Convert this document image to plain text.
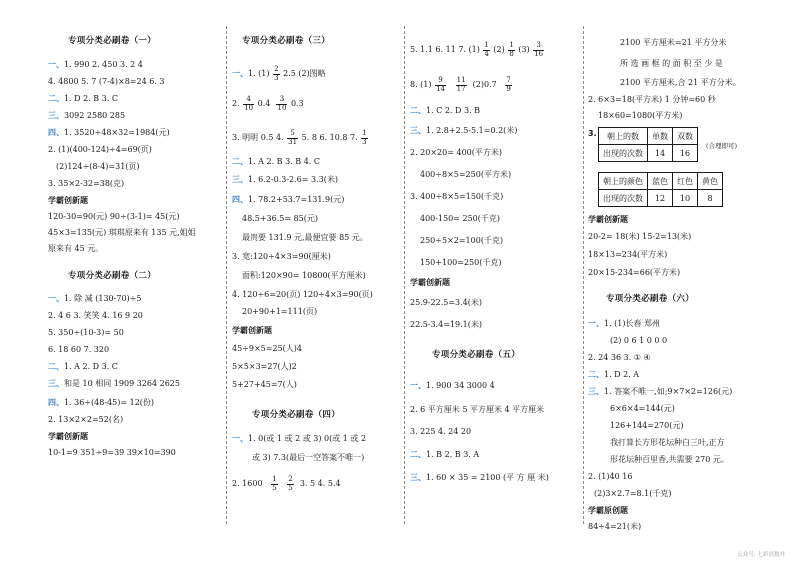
专项分类必刷卷（一）
一、1. 990 2. 450 3. 2 4
4. 4800 5. 7 (7-4)×8=24 6. 3
二、1. D 2. B 3. C
三、3092 2580 285
四、1. 3520÷48×32=1984(元)
2. (1)(400-124)÷4=69(页)
(2)124÷(8-4)=31(页)
3. 35×2-32=38(克)
学霸创新题
120-30=90(元) 90÷(3-1)= 45(元)
45×3=135(元) 琪琪原来有 135 元,姐姐
原来有 45 元。
专项分类必刷卷（二）
一、1. 除 减 (130-70)÷5
2. 4 6 3. 笑笑 4. 16 9 20
5. 350÷(10-3)= 50
6. 18 60 7. 320
二、1. A 2. D 3. C
三、和是 10 相同 1909 3264 2625
四、1. 36÷(48-45)= 12(份)
2. 13×2×2=52(名)
学霸创新题
10-1=9 351÷9=39 39×10=390
专项分类必刷卷（三）
一、1. $(1) \frac{2}{3} 2.5$ (2)图略
2. $\frac{4}{10} 0.4 \frac{3}{10} 0.3$
3. 明明 0.5 4. $\frac{5}{31} 5$. 8 6. 10.8 7. $\frac{1}{3}$
二、1. A 2. B 3. B 4. C
三、1. 6.2-0.3-2.6= 3.3(米)
四、1. 78.2+53.7=131.9(元)
48.5+36.5= 85(元)
最贵要 131.9 元,最便宜要 85 元。
3. 宽:120÷4×3=90(厘米)
面积:120×90= 10800(平方厘米)
4. 120÷6=20(页) 120÷4×3=90(页)
20+90+1=111(页)
学霸创新题
45÷9×5=25(人)4
5×5×3=27(人)2
5+27+45=7(人)
专项分类必刷卷（四）
一、1. 0(或 1 或 2 或 3) 0(或 1 或 2
或 3) 7.3(最后一空答案不唯一)
2. $1600 \frac{1}{5}$
$\frac{2}{5} 3$. 5 4. 5.4
5. 1.1 6. 11 7. $(1) \frac{1}{4} (2) \frac{1}{8} (3) \frac{3}{16}$
8. $(1) \frac{9}{14}$
$\frac{11}{17} (2)0.7 \frac{7}{9}$
二、1. C 2. D 3. B
三、1. 2.8+2.5-5.1=0.2(米)
2. 20×20= 400(平方米)
400÷8×5=250(平方米)
3. 400÷8×5=150(千克)
400-150= 250(千克)
250÷5×2=100(千克)
150+100=250(千克)
学霸创新题
25.9-22.5=3.4(米)
22.5-3.4=19.1(米)
专项分类必刷卷（五）
一、1. 900 34 3000 4
2. 6 平方厘米 5 平方厘米 4 平方厘米
3. 225 4. 24 20
二、1. B 2. B 3. A
三、1. 60 × 35 = 2100 (平 方 厘 米)
2100 平方厘米=21 平方分米
所 选 画 框 的 面 积 至 少 是
2100 平方厘米,合 21 平方分米。
2. 6×3=18(平方米) 1 分钟=60 秒
18×60=1080(平方米)
3. 朝上的数	单数	双数
出现的次数	14	16
(合理即可)
朝上的颜色	蓝色	红色	黄色
出现的次数	12	10	8
学霸创新题
20-2= 18(米) 15-2=13(米)
18×13=234(平方米)
20×15-234=66(平方米)
专项分类必刷卷（六）
一、1. (1)长春 郑州
(2) 0 6 1 0 0 0
2. 24 36 3. ① ④
二、1. D 2. A
三、1. 答案不唯一,如;9×7×2=126(元)
6×6×4=144(元)
126+144=270(元)
我打算长方形花坛种白三叶,正方
形花坛种百里香,共需要 270 元。
2. (1)40 16
(2)3×2.7=8.1(千克)
学霸原创题
84÷4=21(米)
公众号: 七彩语数外
